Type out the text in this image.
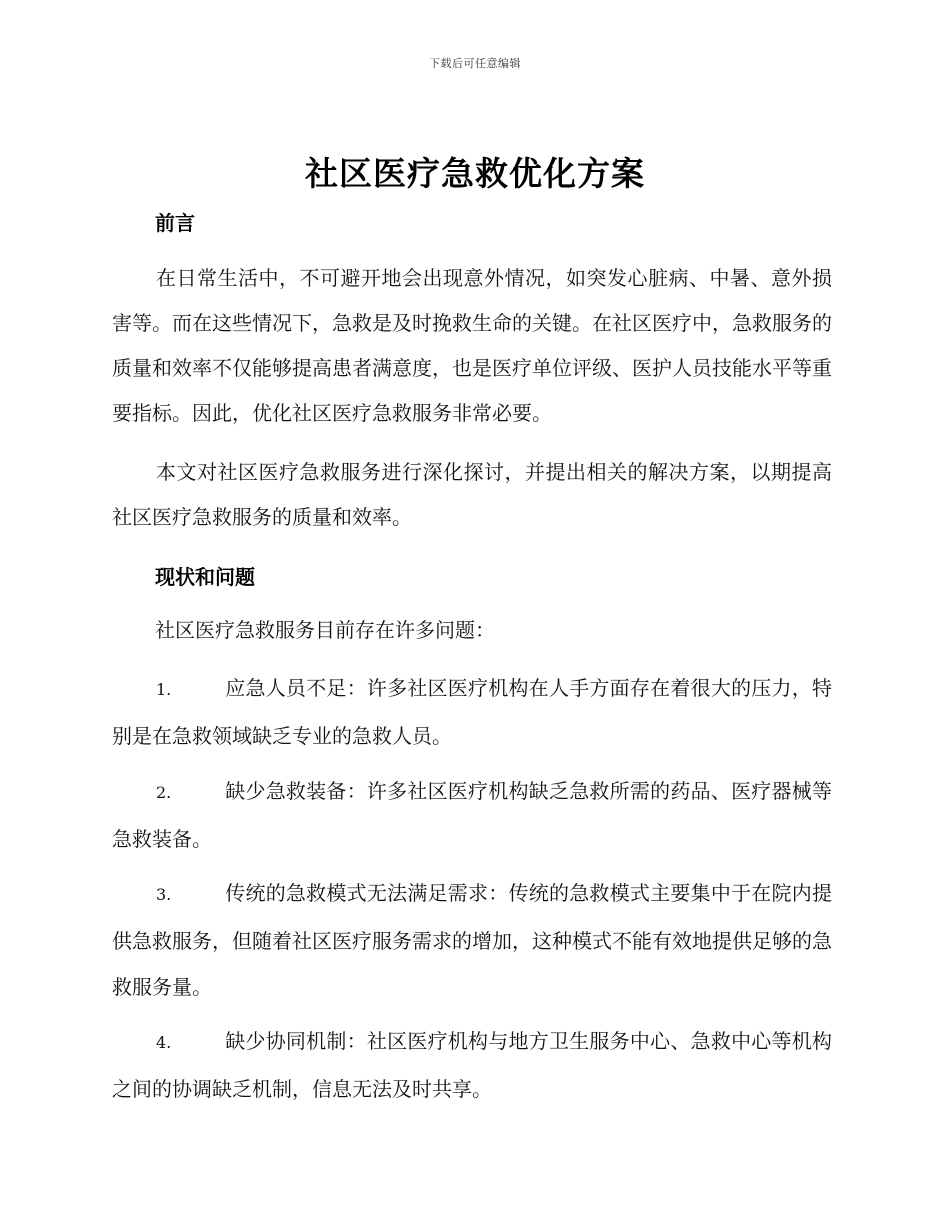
下载后可任意编辑
社区医疗急救优化方案
前言

在日常生活中，不可避开地会出现意外情况，如突发心脏病、中暑、意外损害等。而在这些情况下，急救是及时挽救生命的关键。在社区医疗中，急救服务的质量和效率不仅能够提高患者满意度，也是医疗单位评级、医护人员技能水平等重要指标。因此，优化社区医疗急救服务非常必要。

本文对社区医疗急救服务进行深化探讨，并提出相关的解决方案，以期提高社区医疗急救服务的质量和效率。

现状和问题
社区医疗急救服务目前存在许多问题：
1.	应急人员不足：许多社区医疗机构在人手方面存在着很大的压力，特别是在急救领域缺乏专业的急救人员。
2.	缺少急救装备：许多社区医疗机构缺乏急救所需的药品、医疗器械等急救装备。
3.	传统的急救模式无法满足需求：传统的急救模式主要集中于在院内提供急救服务，但随着社区医疗服务需求的增加，这种模式不能有效地提供足够的急救服务量。
4.	缺少协同机制：社区医疗机构与地方卫生服务中心、急救中心等机构之间的协调缺乏机制，信息无法及时共享。
